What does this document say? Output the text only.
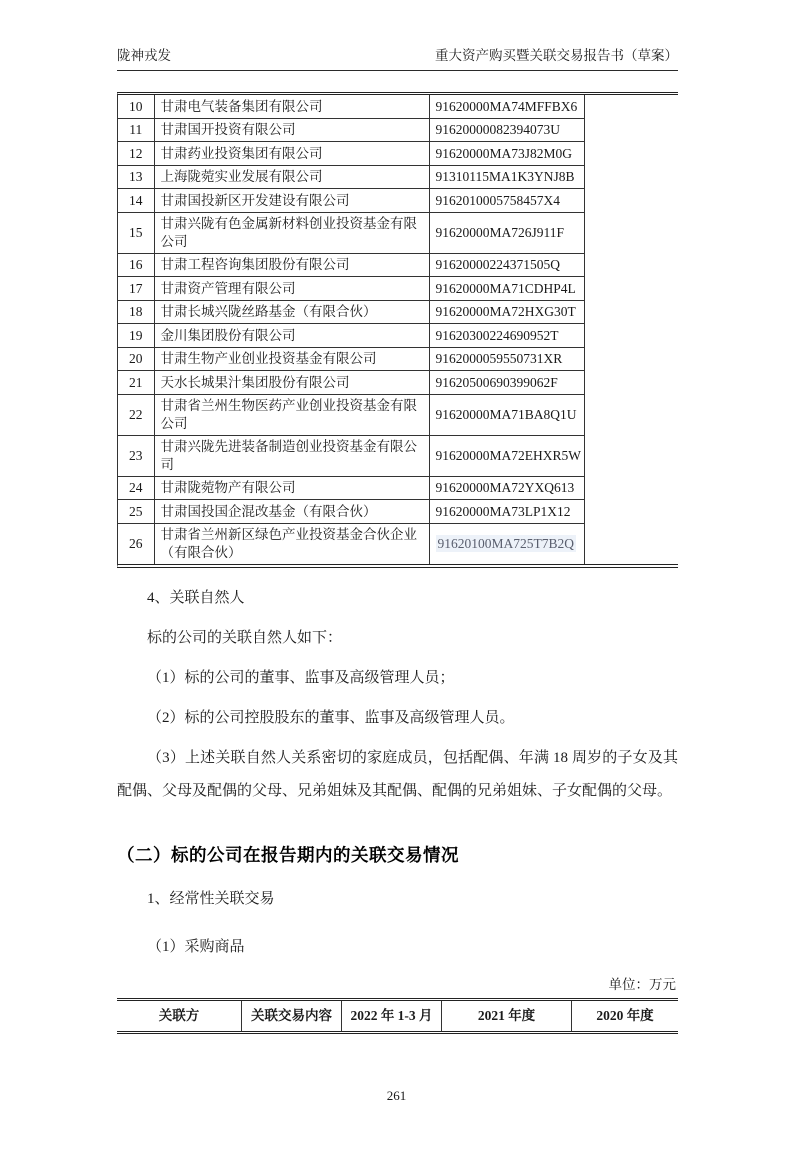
陇神戎发	重大资产购买暨关联交易报告书（草案）
10	甘肃电气装备集团有限公司	91620000MA74MFFBX6
11	甘肃国开投资有限公司	91620000082394073U
12	甘肃药业投资集团有限公司	91620000MA73J82M0G
13	上海陇菀实业发展有限公司	91310115MA1K3YNJ8B
14	甘肃国投新区开发建设有限公司	9162010005758457X4
15	甘肃兴陇有色金属新材料创业投资基金有限公司	91620000MA726J911F
16	甘肃工程咨询集团股份有限公司	91620000224371505Q
17	甘肃资产管理有限公司	91620000MA71CDHP4L
18	甘肃长城兴陇丝路基金（有限合伙）	91620000MA72HXG30T
19	金川集团股份有限公司	91620300224690952T
20	甘肃生物产业创业投资基金有限公司	9162000059550731XR
21	天水长城果汁集团股份有限公司	91620500690399062F
22	甘肃省兰州生物医药产业创业投资基金有限公司	91620000MA71BA8Q1U
23	甘肃兴陇先进装备制造创业投资基金有限公司	91620000MA72EHXR5W
24	甘肃陇菀物产有限公司	91620000MA72YXQ613
25	甘肃国投国企混改基金（有限合伙）	91620000MA73LP1X12
26	甘肃省兰州新区绿色产业投资基金合伙企业（有限合伙）	91620100MA725T7B2Q

4、关联自然人

标的公司的关联自然人如下：

（1）标的公司的董事、监事及高级管理人员；

（2）标的公司控股股东的董事、监事及高级管理人员。

（3）上述关联自然人关系密切的家庭成员，包括配偶、年满 18 周岁的子女及其配偶、父母及配偶的父母、兄弟姐妹及其配偶、配偶的兄弟姐妹、子女配偶的父母。

（二）标的公司在报告期内的关联交易情况
1、经常性关联交易
（1）采购商品
单位：万元
关联方	关联交易内容	2022 年 1-3 月	2021 年度	2020 年度
261
